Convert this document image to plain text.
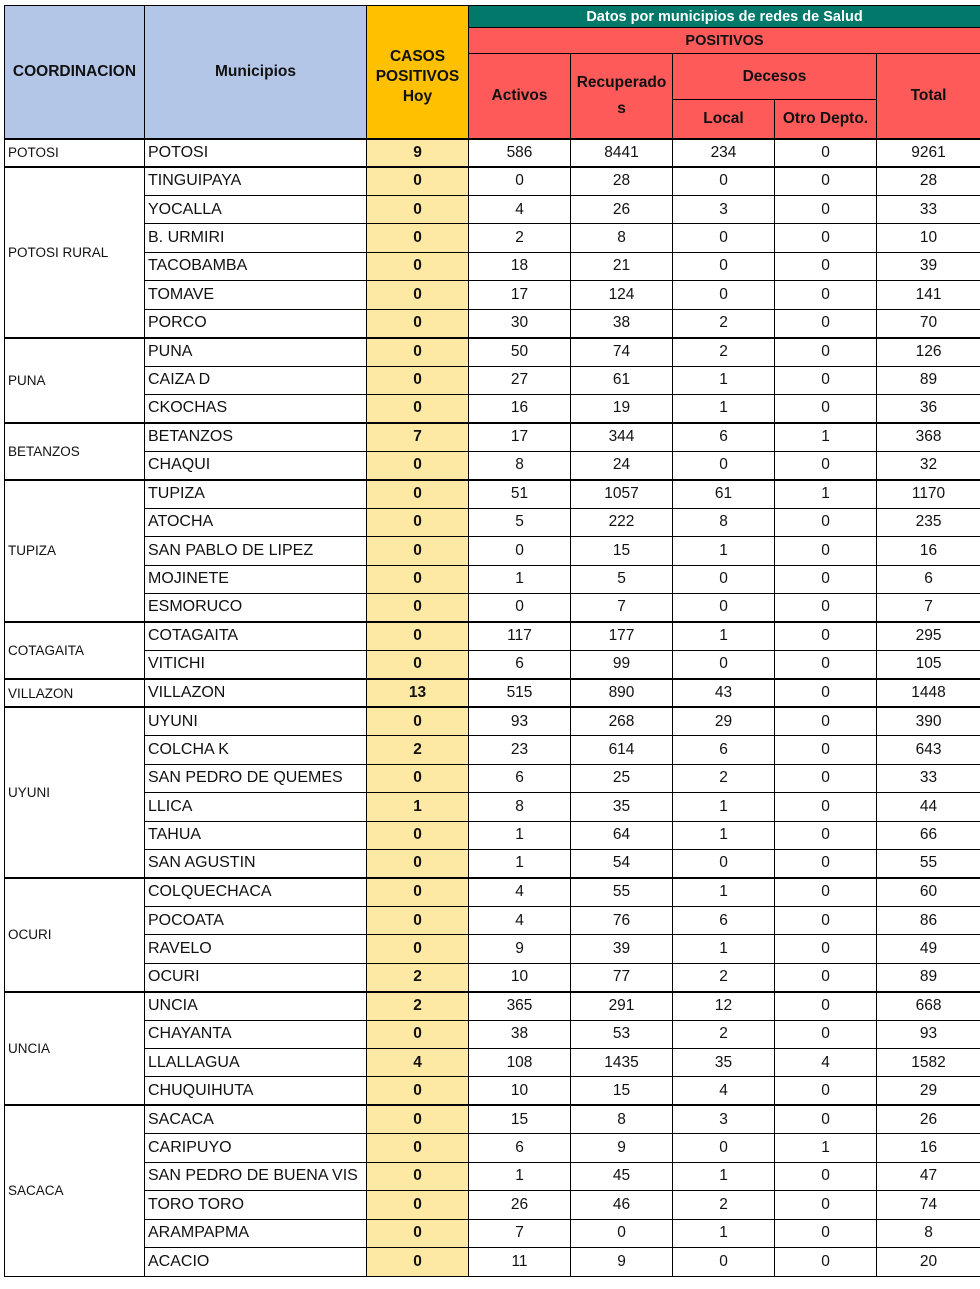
COORDINACION	Municipios	CASOS POSITIVOS Hoy	Datos por municipios de redes de Salud				
			POSITIVOS				
			Activos	Recuperado s	Decesos		Total
					Local	Otro Depto.	
POTOSI	POTOSI	9	586	8441	234	0	9261
POTOSI RURAL	TINGUIPAYA	0	0	28	0	0	28
	YOCALLA	0	4	26	3	0	33
	B. URMIRI	0	2	8	0	0	10
	TACOBAMBA	0	18	21	0	0	39
	TOMAVE	0	17	124	0	0	141
	PORCO	0	30	38	2	0	70
PUNA	PUNA	0	50	74	2	0	126
	CAIZA D	0	27	61	1	0	89
	CKOCHAS	0	16	19	1	0	36
BETANZOS	BETANZOS	7	17	344	6	1	368
	CHAQUI	0	8	24	0	0	32
TUPIZA	TUPIZA	0	51	1057	61	1	1170
	ATOCHA	0	5	222	8	0	235
	SAN PABLO DE LIPEZ	0	0	15	1	0	16
	MOJINETE	0	1	5	0	0	6
	ESMORUCO	0	0	7	0	0	7
COTAGAITA	COTAGAITA	0	117	177	1	0	295
	VITICHI	0	6	99	0	0	105
VILLAZON	VILLAZON	13	515	890	43	0	1448
UYUNI	UYUNI	0	93	268	29	0	390
	COLCHA K	2	23	614	6	0	643
	SAN PEDRO DE QUEMES	0	6	25	2	0	33
	LLICA	1	8	35	1	0	44
	TAHUA	0	1	64	1	0	66
	SAN AGUSTIN	0	1	54	0	0	55
OCURI	COLQUECHACA	0	4	55	1	0	60
	POCOATA	0	4	76	6	0	86
	RAVELO	0	9	39	1	0	49
	OCURI	2	10	77	2	0	89
UNCIA	UNCIA	2	365	291	12	0	668
	CHAYANTA	0	38	53	2	0	93
	LLALLAGUA	4	108	1435	35	4	1582
	CHUQUIHUTA	0	10	15	4	0	29
SACACA	SACACA	0	15	8	3	0	26
	CARIPUYO	0	6	9	0	1	16
	SAN PEDRO DE BUENA VIS	0	1	45	1	0	47
	TORO TORO	0	26	46	2	0	74
	ARAMPAPMA	0	7	0	1	0	8
	ACACIO	0	11	9	0	0	20
